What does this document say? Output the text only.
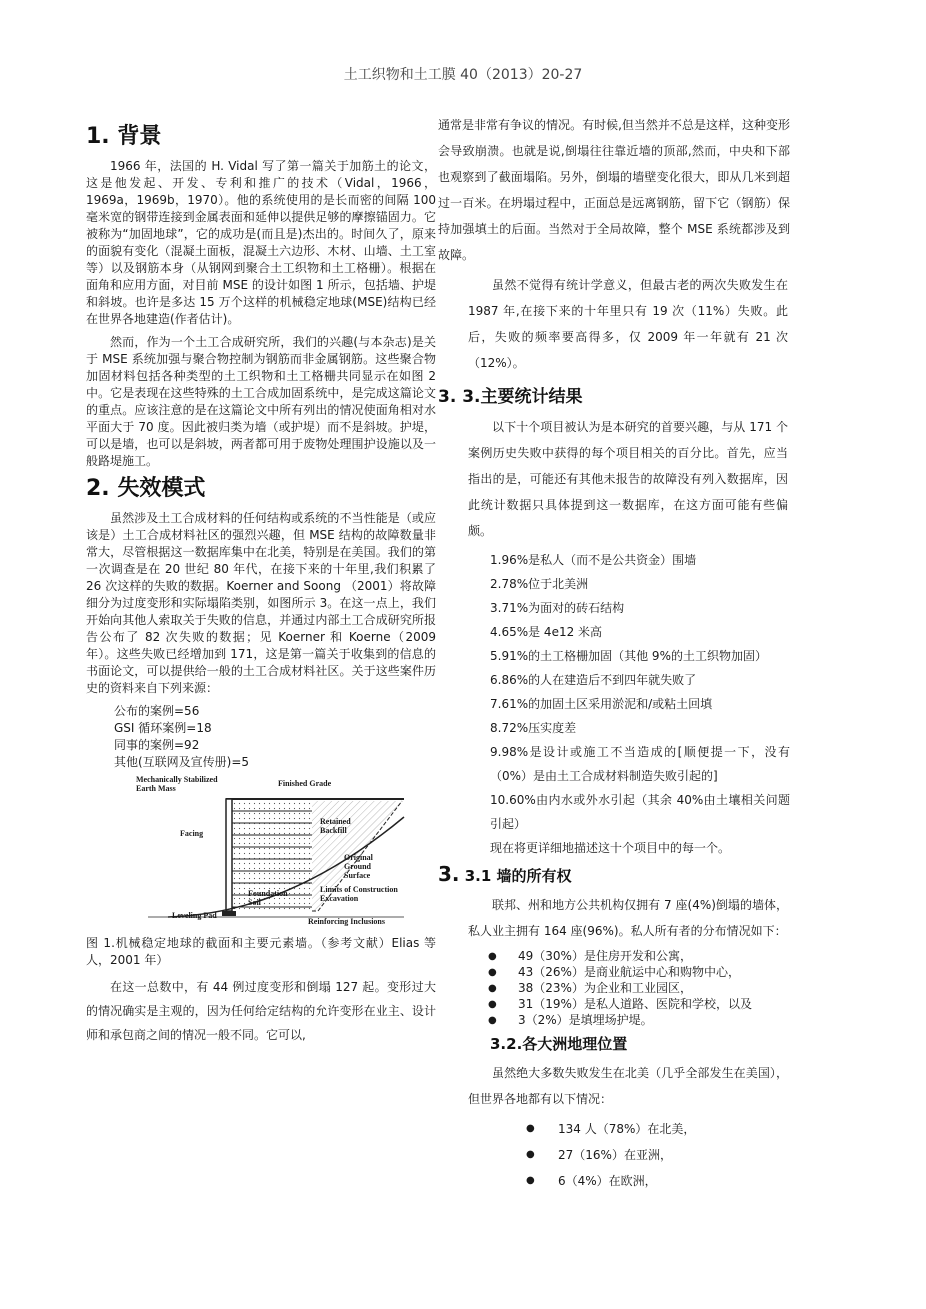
土工织物和土工膜 40（2013）20-27
1. 背景

1966 年，法国的 H. Vidal 写了第一篇关于加筋土的论文，这是他发起、开发、专利和推广的技术（Vidal，1966，1969a，1969b，1970）。他的系统使用的是长而密的间隔 100 毫米宽的钢带连接到金属表面和延伸以提供足够的摩擦锚固力。它被称为“加固地球”，它的成功是(而且是)杰出的。时间久了，原来的面貌有变化（混凝土面板，混凝土六边形、木材、山墙、土工室等）以及钢筋本身（从钢网到聚合土工织物和土工格栅）。根据在面角和应用方面，对目前 MSE 的设计如图 1 所示，包括墙、护堤和斜坡。也许是多达 15 万个这样的机械稳定地球(MSE)结构已经在世界各地建造(作者估计)。

然而，作为一个土工合成研究所，我们的兴趣(与本杂志)是关于 MSE 系统加强与聚合物控制为钢筋而非金属钢筋。这些聚合物加固材料包括各种类型的土工织物和土工格栅共同显示在如图 2 中。它是表现在这些特殊的土工合成加固系统中，是完成这篇论文的重点。应该注意的是在这篇论文中所有列出的情况使面角相对水平面大于 70 度。因此被归类为墙（或护堤）而不是斜坡。护堤，可以是墙，也可以是斜坡，两者都可用于废物处理围护设施以及一般路堤施工。

2. 失效模式

虽然涉及土工合成材料的任何结构或系统的不当性能是（或应该是）土工合成材料社区的强烈兴趣，但 MSE 结构的故障数量非常大，尽管根据这一数据库集中在北美，特别是在美国。我们的第一次调查是在 20 世纪 80 年代，在接下来的十年里,我们积累了 26 次这样的失败的数据。Koerner and Soong （2001）将故障细分为过度变形和实际塌陷类别，如图所示 3。在这一点上，我们开始向其他人索取关于失败的信息，并通过内部土工合成研究所报告公布了 82 次失败的数据；见 Koerner 和 Koerne（2009 年）。这些失败已经增加到 171，这是第一篇关于收集到的信息的书面论文，可以提供给一般的土工合成材料社区。关于这些案件历史的资料来自下列来源：

公布的案例=56

GSI 循环案例=18

同事的案例=92

其他(互联网及宣传册)=5

Mechanically Stabilized Earth Mass
Finished Grade
Facing
Retained Backfill
Original Ground Surface
Limits of Construction Excavation
Foundation Soil
Leveling Pad
Reinforcing Inclusions

图 1.机械稳定地球的截面和主要元素墙。（参考文献）Elias 等人，2001 年）

在这一总数中，有 44 例过度变形和倒塌 127 起。变形过大的情况确实是主观的，因为任何给定结构的允许变形在业主、设计师和承包商之间的情况一般不同。它可以,

通常是非常有争议的情况。有时候,但当然并不总是这样，这种变形会导致崩溃。也就是说,倒塌往往靠近墙的顶部,然而，中央和下部也观察到了截面塌陷。另外，倒塌的墙壁变化很大，即从几米到超过一百米。在坍塌过程中，正面总是远离钢筋，留下它（钢筋）保持加强填土的后面。当然对于全局故障，整个 MSE 系统都涉及到故障。

虽然不觉得有统计学意义，但最古老的两次失败发生在 1987 年,在接下来的十年里只有 19 次（11%）失败。此后，失败的频率要高得多，仅 2009 年一年就有 21 次（12%）。

3. 3.主要统计结果

以下十个项目被认为是本研究的首要兴趣，与从 171 个案例历史失败中获得的每个项目相关的百分比。首先，应当指出的是，可能还有其他未报告的故障没有列入数据库，因此统计数据只具体提到这一数据库，在这方面可能有些偏颇。

1.96%是私人（而不是公共资金）围墙

2.78%位于北美洲

3.71%为面对的砖石结构

4.65%是 4e12 米高

5.91%的土工格栅加固（其他 9%的土工织物加固）

6.86%的人在建造后不到四年就失败了

7.61%的加固土区采用淤泥和/或粘土回填

8.72%压实度差

9.98%是设计或施工不当造成的[顺便提一下，没有（0%）是由土工合成材料制造失败引起的]

10.60%由内水或外水引起（其余 40%由土壤相关问题引起）

现在将更详细地描述这十个项目中的每一个。

3. 3.1 墙的所有权

联邦、州和地方公共机构仅拥有 7 座(4%)倒塌的墙体，私人业主拥有 164 座(96%)。私人所有者的分布情况如下：

● 49（30%）是住房开发和公寓，
● 43（26%）是商业航运中心和购物中心，
● 38（23%）为企业和工业园区，
● 31（19%）是私人道路、医院和学校，以及
● 3（2%）是填埋场护堤。
3.2.各大洲地理位置

虽然绝大多数失败发生在北美（几乎全部发生在美国），但世界各地都有以下情况：

● 134 人（78%）在北美，
● 27（16%）在亚洲，
● 6（4%）在欧洲，
